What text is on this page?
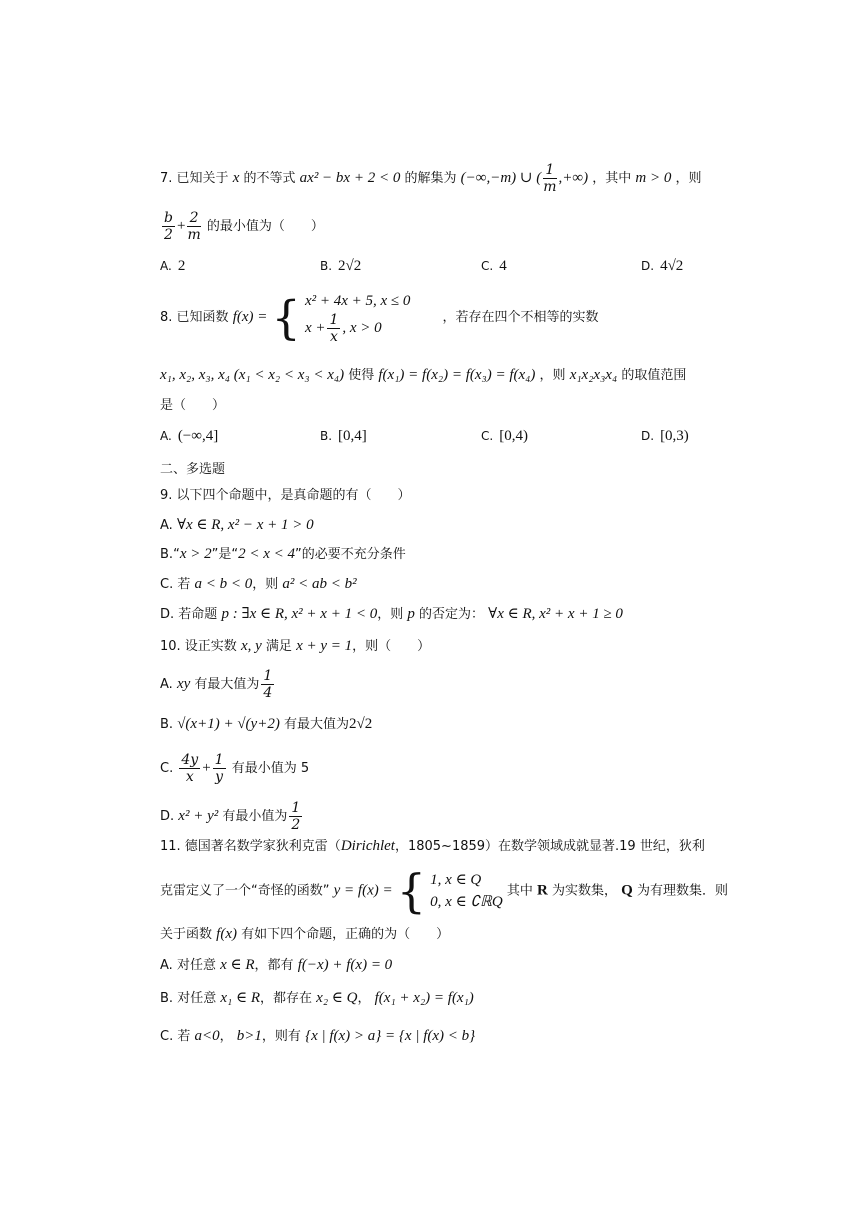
7. 已知关于 x 的不等式 ax² − bx + 2 < 0 的解集为 (−∞,−m) ∪ ( $\frac{1}{m}$ ,+∞) ，其中 m > 0 ，则
$\frac{b}{2} + \frac{2}{m}$ 的最小值为（　　）
A. 2	B. 2√2	C. 4	D. 4√2
8. 已知函数 f(x) = { x² + 4x + 5, x ≤ 0
$x + \frac{1}{x}$ , x > 0
，若存在四个不相等的实数
x₁, x₂, x₃, x₄ (x₁ < x₂ < x₃ < x₄) 使得 f(x₁) = f(x₂) = f(x₃) = f(x₄) ，则 x₁x₂x₃x₄ 的取值范围
是（　　）
A. (−∞,4]	B. [0,4]	C. [0,4)	D. [0,3)
二、多选题
9. 以下四个命题中，是真命题的有（　　）
A. ∀x ∈ R, x² − x + 1 > 0
B.“x > 2”是“2 < x < 4”的必要不充分条件
C. 若 a < b < 0，则 a² < ab < b²
D. 若命题 p : ∃x ∈ R, x² + x + 1 < 0，则 p 的否定为： ∀x ∈ R, x² + x + 1 ≥ 0
10. 设正实数 x, y 满足 x + y = 1，则（　　）
A. xy 有最大值为 $\frac{1}{4}$
B. √(x+1) + √(y+2) 有最大值为2√2
C. $\frac{4y}{x} + \frac{1}{y}$ 有最小值为 5
D. x² + y² 有最小值为 $\frac{1}{2}$
11. 德国著名数学家狄利克雷（Dirichlet，1805~1859）在数学领域成就显著.19 世纪，狄利
克雷定义了一个“奇怪的函数” y = f(x) = { 1, x ∈ Q
0, x ∈ ∁ℝQ
其中 R 为实数集， Q 为有理数集．则
关于函数 f(x) 有如下四个命题，正确的为（　　）
A. 对任意 x ∈ R，都有 f(−x) + f(x) = 0
B. 对任意 x₁ ∈ R，都存在 x₂ ∈ Q， f(x₁ + x₂) = f(x₁)
C. 若 a<0， b>1，则有 {x | f(x) > a} = {x | f(x) < b}
